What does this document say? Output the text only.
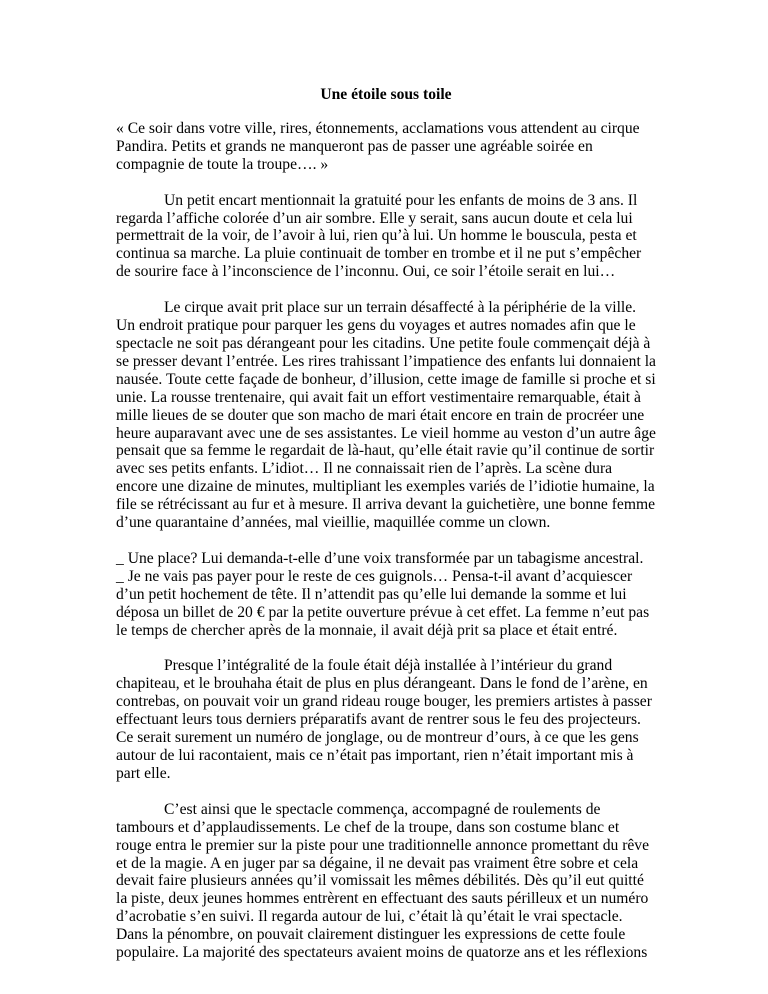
Une étoile sous toile

« Ce soir dans votre ville, rires, étonnements, acclamations vous attendent au cirque Pandira. Petits et grands ne manqueront pas de passer une agréable soirée en compagnie de toute la troupe…. »

Un petit encart mentionnait la gratuité pour les enfants de moins de 3 ans. Il regarda l’affiche colorée d’un air sombre. Elle y serait, sans aucun doute et cela lui permettrait de la voir, de l’avoir à lui, rien qu’à lui. Un homme le bouscula, pesta et continua sa marche. La pluie continuait de tomber en trombe et il ne put s’empêcher de sourire face à l’inconscience de l’inconnu. Oui, ce soir l’étoile serait en lui…

Le cirque avait prit place sur un terrain désaffecté à la périphérie de la ville. Un endroit pratique pour parquer les gens du voyages et autres nomades afin que le spectacle ne soit pas dérangeant pour les citadins. Une petite foule commençait déjà à se presser devant l’entrée. Les rires trahissant l’impatience des enfants lui donnaient la nausée. Toute cette façade de bonheur, d’illusion, cette image de famille si proche et si unie. La rousse trentenaire, qui avait fait un effort vestimentaire remarquable, était à mille lieues de se douter que son macho de mari était encore en train de procréer une heure auparavant avec une de ses assistantes. Le vieil homme au veston d’un autre âge pensait que sa femme le regardait de là-haut, qu’elle était ravie qu’il continue de sortir avec ses petits enfants. L’idiot… Il ne connaissait rien de l’après. La scène dura encore une dizaine de minutes, multipliant les exemples variés de l’idiotie humaine, la file se rétrécissant au fur et à mesure. Il arriva devant la guichetière, une bonne femme d’une quarantaine d’années, mal vieillie, maquillée comme un clown.

_ Une place? Lui demanda-t-elle d’une voix transformée par un tabagisme ancestral.

_ Je ne vais pas payer pour le reste de ces guignols… Pensa-t-il avant d’acquiescer d’un petit hochement de tête. Il n’attendit pas qu’elle lui demande la somme et lui déposa un billet de 20 € par la petite ouverture prévue à cet effet. La femme n’eut pas le temps de chercher après de la monnaie, il avait déjà prit sa place et était entré.

Presque l’intégralité de la foule était déjà installée à l’intérieur du grand chapiteau, et le brouhaha était de plus en plus dérangeant. Dans le fond de l’arène, en contrebas, on pouvait voir un grand rideau rouge bouger, les premiers artistes à passer effectuant leurs tous derniers préparatifs avant de rentrer sous le feu des projecteurs. Ce serait surement un numéro de jonglage, ou de montreur d’ours, à ce que les gens autour de lui racontaient, mais ce n’était pas important, rien n’était important mis à part elle.

C’est ainsi que le spectacle commença, accompagné de roulements de tambours et d’applaudissements. Le chef de la troupe, dans son costume blanc et rouge entra le premier sur la piste pour une traditionnelle annonce promettant du rêve et de la magie. A en juger par sa dégaine, il ne devait pas vraiment être sobre et cela devait faire plusieurs années qu’il vomissait les mêmes débilités. Dès qu’il eut quitté la piste, deux jeunes hommes entrèrent en effectuant des sauts périlleux et un numéro d’acrobatie s’en suivi. Il regarda autour de lui, c’était là qu’était le vrai spectacle. Dans la pénombre, on pouvait clairement distinguer les expressions de cette foule populaire. La majorité des spectateurs avaient moins de quatorze ans et les réflexions
